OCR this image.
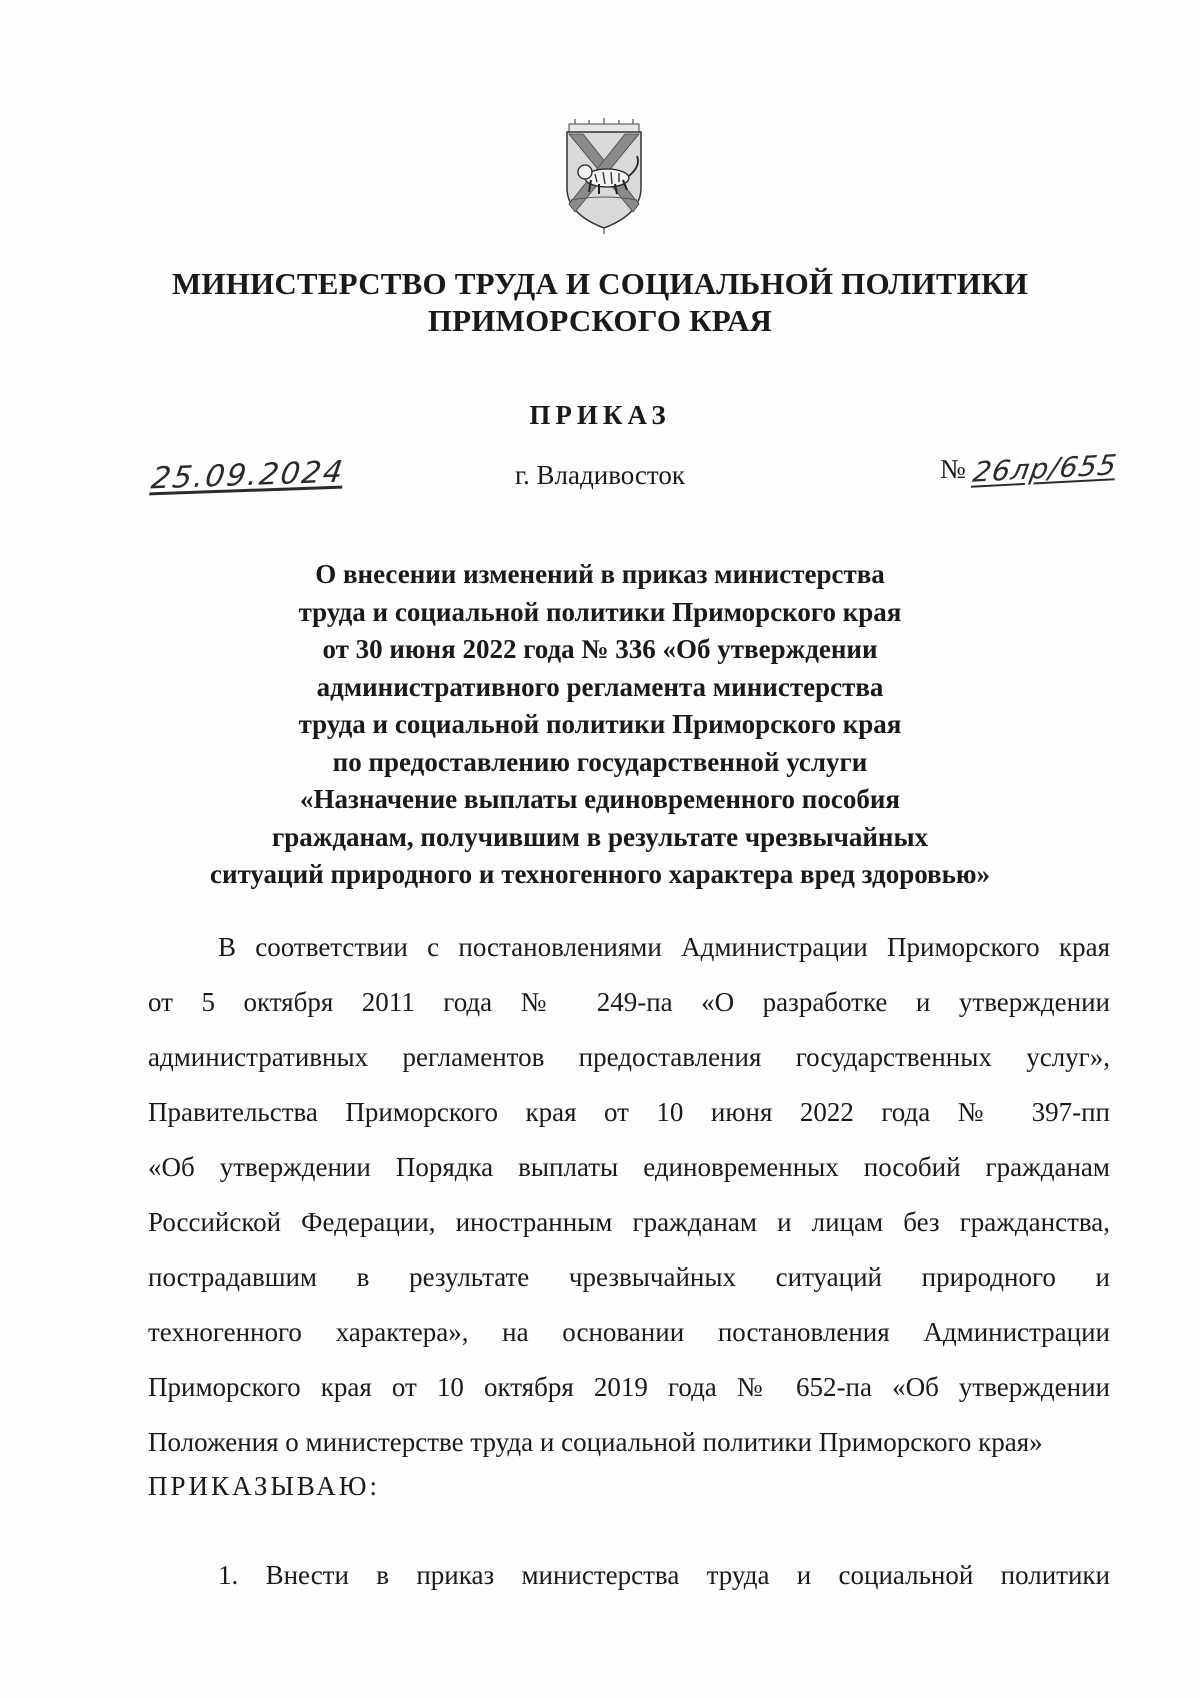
МИНИСТЕРСТВО ТРУДА И СОЦИАЛЬНОЙ ПОЛИТИКИ
ПРИМОРСКОГО КРАЯ
ПРИКАЗ
25.09.2024	г. Владивосток	№ 26лр/655
О внесении изменений в приказ министерства
труда и социальной политики Приморского края
от 30 июня 2022 года № 336 «Об утверждении
административного регламента министерства
труда и социальной политики Приморского края
по предоставлению государственной услуги
«Назначение выплаты единовременного пособия
гражданам, получившим в результате чрезвычайных
ситуаций природного и техногенного характера вред здоровью»
В соответствии с постановлениями Администрации Приморского края
от 5 октября 2011 года № 249-па «О разработке и утверждении
административных регламентов предоставления государственных услуг»,
Правительства Приморского края от 10 июня 2022 года № 397-пп
«Об утверждении Порядка выплаты единовременных пособий гражданам
Российской Федерации, иностранным гражданам и лицам без гражданства,
пострадавшим в результате чрезвычайных ситуаций природного и
техногенного характера», на основании постановления Администрации
Приморского края от 10 октября 2019 года № 652-па «Об утверждении
Положения о министерстве труда и социальной политики Приморского края»
ПРИКАЗЫВАЮ:
1. Внести в приказ министерства труда и социальной политики
